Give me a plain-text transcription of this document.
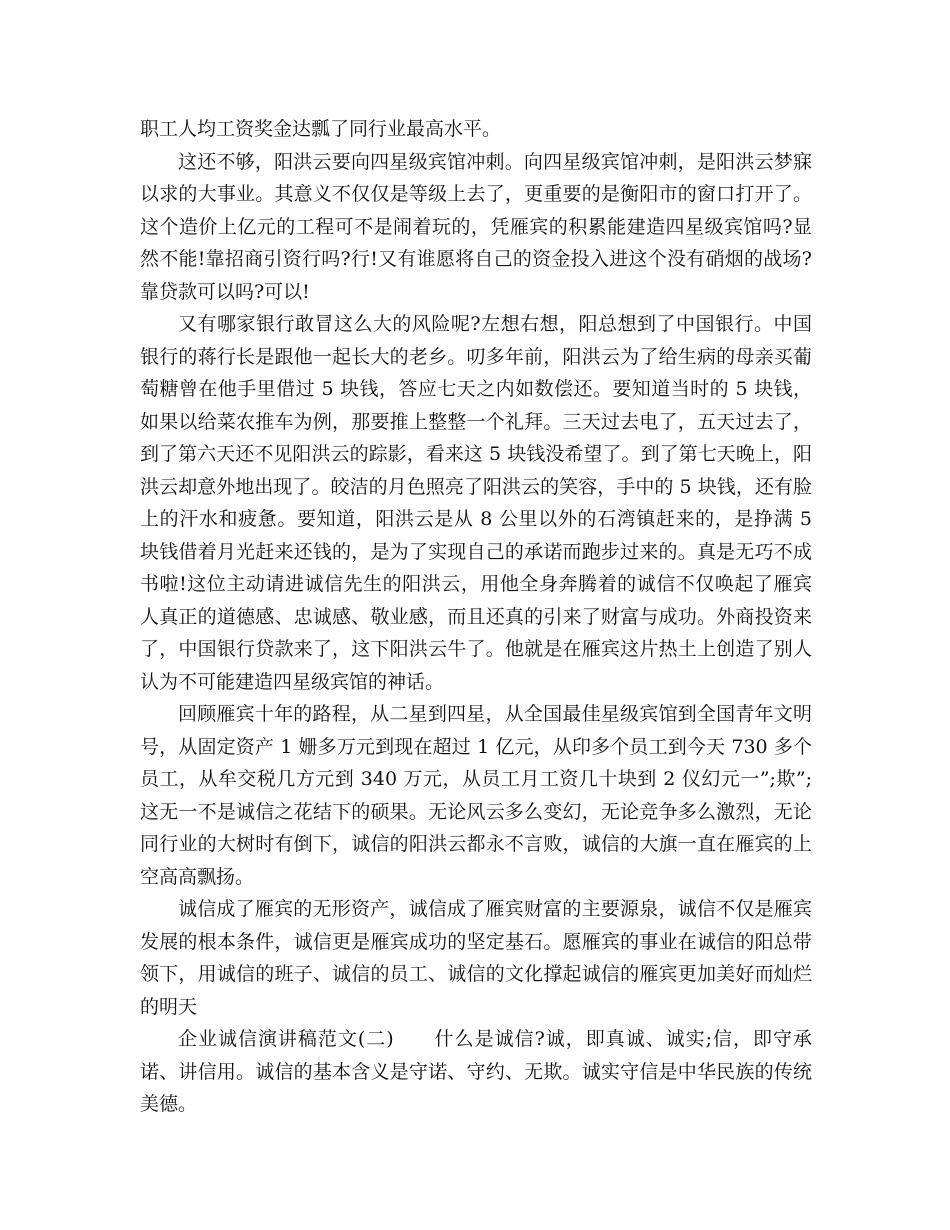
职工人均工资奖金达瓢了同行业最高水平。

这还不够，阳洪云要向四星级宾馆冲刺。向四星级宾馆冲刺，是阳洪云梦寐以求的大事业。其意义不仅仅是等级上去了，更重要的是衡阳市的窗口打开了。这个造价上亿元的工程可不是闹着玩的，凭雁宾的积累能建造四星级宾馆吗?显然不能!靠招商引资行吗?行!又有谁愿将自己的资金投入进这个没有硝烟的战场?靠贷款可以吗?可以!

又有哪家银行敢冒这么大的风险呢?左想右想，阳总想到了中国银行。中国银行的蒋行长是跟他一起长大的老乡。叨多年前，阳洪云为了给生病的母亲买葡萄糖曾在他手里借过 5 块钱，答应七天之内如数偿还。要知道当时的 5 块钱，如果以给菜农推车为例，那要推上整整一个礼拜。三天过去电了，五天过去了，到了第六天还不见阳洪云的踪影，看来这 5 块钱没希望了。到了第七天晚上，阳洪云却意外地出现了。皎洁的月色照亮了阳洪云的笑容，手中的 5 块钱，还有脸上的汗水和疲惫。要知道，阳洪云是从 8 公里以外的石湾镇赶来的，是挣满 5 块钱借着月光赶来还钱的，是为了实现自己的承诺而跑步过来的。真是无巧不成书啦!这位主动请进诚信先生的阳洪云，用他全身奔腾着的诚信不仅唤起了雁宾人真正的道德感、忠诚感、敬业感，而且还真的引来了财富与成功。外商投资来了，中国银行贷款来了，这下阳洪云牛了。他就是在雁宾这片热土上创造了别人认为不可能建造四星级宾馆的神话。

回顾雁宾十年的路程，从二星到四星，从全国最佳星级宾馆到全国青年文明号，从固定资产 1 姗多万元到现在超过 1 亿元，从印多个员工到今天 730 多个员工，从牟交税几方元到 340 万元，从员工月工资几十块到 2 仪幻元一”;欺”;这无一不是诚信之花结下的硕果。无论风云多么变幻，无论竞争多么激烈，无论同行业的大树时有倒下，诚信的阳洪云都永不言败，诚信的大旗一直在雁宾的上空高高飘扬。

诚信成了雁宾的无形资产，诚信成了雁宾财富的主要源泉，诚信不仅是雁宾发展的根本条件，诚信更是雁宾成功的坚定基石。愿雁宾的事业在诚信的阳总带领下，用诚信的班子、诚信的员工、诚信的文化撑起诚信的雁宾更加美好而灿烂的明天

企业诚信演讲稿范文(二)　　什么是诚信?诚，即真诚、诚实;信，即守承诺、讲信用。诚信的基本含义是守诺、守约、无欺。诚实守信是中华民族的传统美德。
